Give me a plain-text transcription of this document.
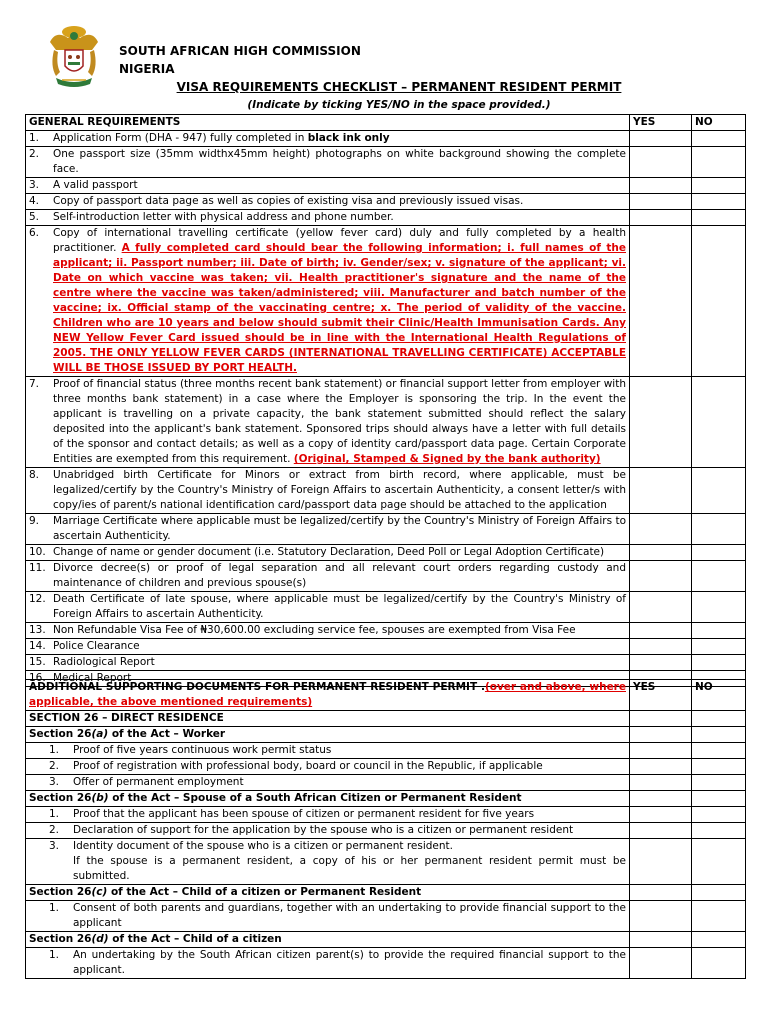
SOUTH AFRICAN HIGH COMMISSION
NIGERIA
VISA REQUIREMENTS CHECKLIST – PERMANENT RESIDENT PERMIT
(Indicate by ticking YES/NO in the space provided.)
GENERAL REQUIREMENTS	YES	NO

1. Application Form (DHA - 947) fully completed in black ink only		

2. One passport size (35mm widthx45mm height) photographs on white background showing the complete face.		

3. A valid passport		

4. Copy of passport data page as well as copies of existing visa and previously issued visas.		

5. Self-introduction letter with physical address and phone number.		

6. Copy of international travelling certificate (yellow fever card) duly and fully completed by a health practitioner. A fully completed card should bear the following information; i. full names of the applicant; ii. Passport number; iii. Date of birth; iv. Gender/sex; v. signature of the applicant; vi. Date on which vaccine was taken; vii. Health practitioner's signature and the name of the centre where the vaccine was taken/administered; viii. Manufacturer and batch number of the vaccine; ix. Official stamp of the vaccinating centre; x. The period of validity of the vaccine. Children who are 10 years and below should submit their Clinic/Health Immunisation Cards. Any NEW Yellow Fever Card issued should be in line with the International Health Regulations of 2005. THE ONLY YELLOW FEVER CARDS (INTERNATIONAL TRAVELLING CERTIFICATE) ACCEPTABLE WILL BE THOSE ISSUED BY PORT HEALTH.		

7. Proof of financial status (three months recent bank statement) or financial support letter from employer with three months bank statement) in a case where the Employer is sponsoring the trip. In the event the applicant is travelling on a private capacity, the bank statement submitted should reflect the salary deposited into the applicant's bank statement. Sponsored trips should always have a letter with full details of the sponsor and contact details; as well as a copy of identity card/passport data page. Certain Corporate Entities are exempted from this requirement. (Original, Stamped & Signed by the bank authority)		

8. Unabridged birth Certificate for Minors or extract from birth record, where applicable, must be legalized/certify by the Country's Ministry of Foreign Affairs to ascertain Authenticity, a consent letter/s with copy/ies of parent/s national identification card/passport data page should be attached to the application		

9. Marriage Certificate where applicable must be legalized/certify by the Country's Ministry of Foreign Affairs to ascertain Authenticity.		

10. Change of name or gender document (i.e. Statutory Declaration, Deed Poll or Legal Adoption Certificate)		

11. Divorce decree(s) or proof of legal separation and all relevant court orders regarding custody and maintenance of children and previous spouse(s)		

12. Death Certificate of late spouse, where applicable must be legalized/certify by the Country's Ministry of Foreign Affairs to ascertain Authenticity.		

13. Non Refundable Visa Fee of ₦30,600.00 excluding service fee, spouses are exempted from Visa Fee		

14. Police Clearance		

15. Radiological Report		

16. Medical Report		

ADDITIONAL SUPPORTING DOCUMENTS FOR PERMANENT RESIDENT PERMIT .(over and above, where applicable, the above mentioned requirements)	YES	NO
SECTION 26 – DIRECT RESIDENCE		
Section 26(a) of the Act – Worker		

1. Proof of five years continuous work permit status		

2. Proof of registration with professional body, board or council in the Republic, if applicable		

3. Offer of permanent employment		

Section 26(b) of the Act – Spouse of a South African Citizen or Permanent Resident		

1. Proof that the applicant has been spouse of citizen or permanent resident for five years		

2. Declaration of support for the application by the spouse who is a citizen or permanent resident		

3. Identity document of the spouse who is a citizen or permanent resident.
If the spouse is a permanent resident, a copy of his or her permanent resident permit must be submitted.		

Section 26(c) of the Act – Child of a citizen or Permanent Resident		

1. Consent of both parents and guardians, together with an undertaking to provide financial support to the applicant		

Section 26(d) of the Act – Child of a citizen		

1. An undertaking by the South African citizen parent(s) to provide the required financial support to the applicant.		
